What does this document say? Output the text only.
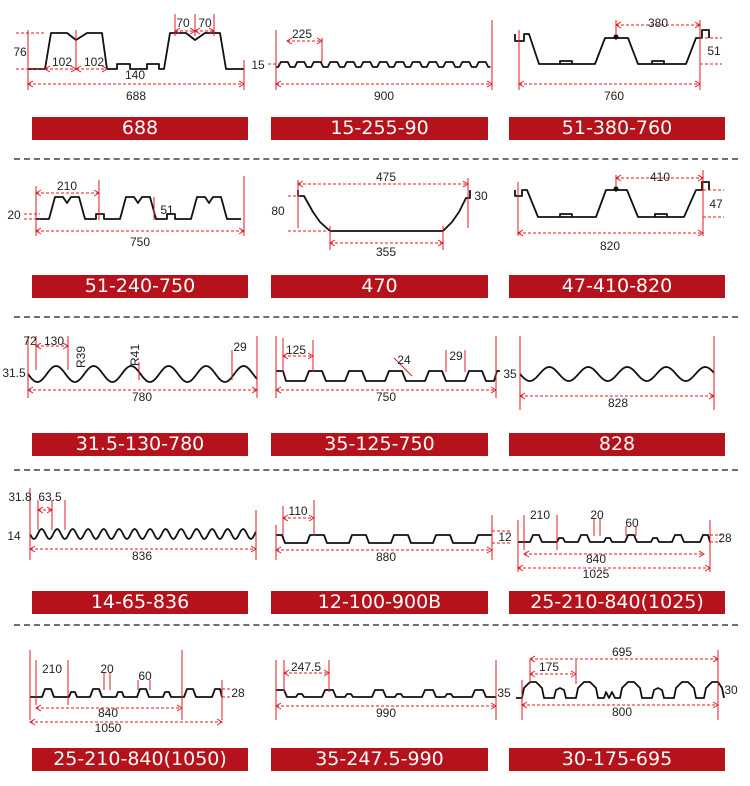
76
102 102
140
70 70
688
225
15
900
380
51
760
210
20	51
750
475
80
30
355
410
47
820
72 130
R39	R41	29
31.5
780
125
24	29
35
750	828
31.8 63.5
14
836
110
12
880
210	20
60
28
840
1025
210	20 60
28
840
1050
247.5
35
990
695
175
30
800
688	15-255-90	51-380-760
51-240-750	470	47-410-820
31.5-130-780	35-125-750	828
14-65-836	12-100-900B	25-210-840(1025)
25-210-840(1050)	35-247.5-990	30-175-695
